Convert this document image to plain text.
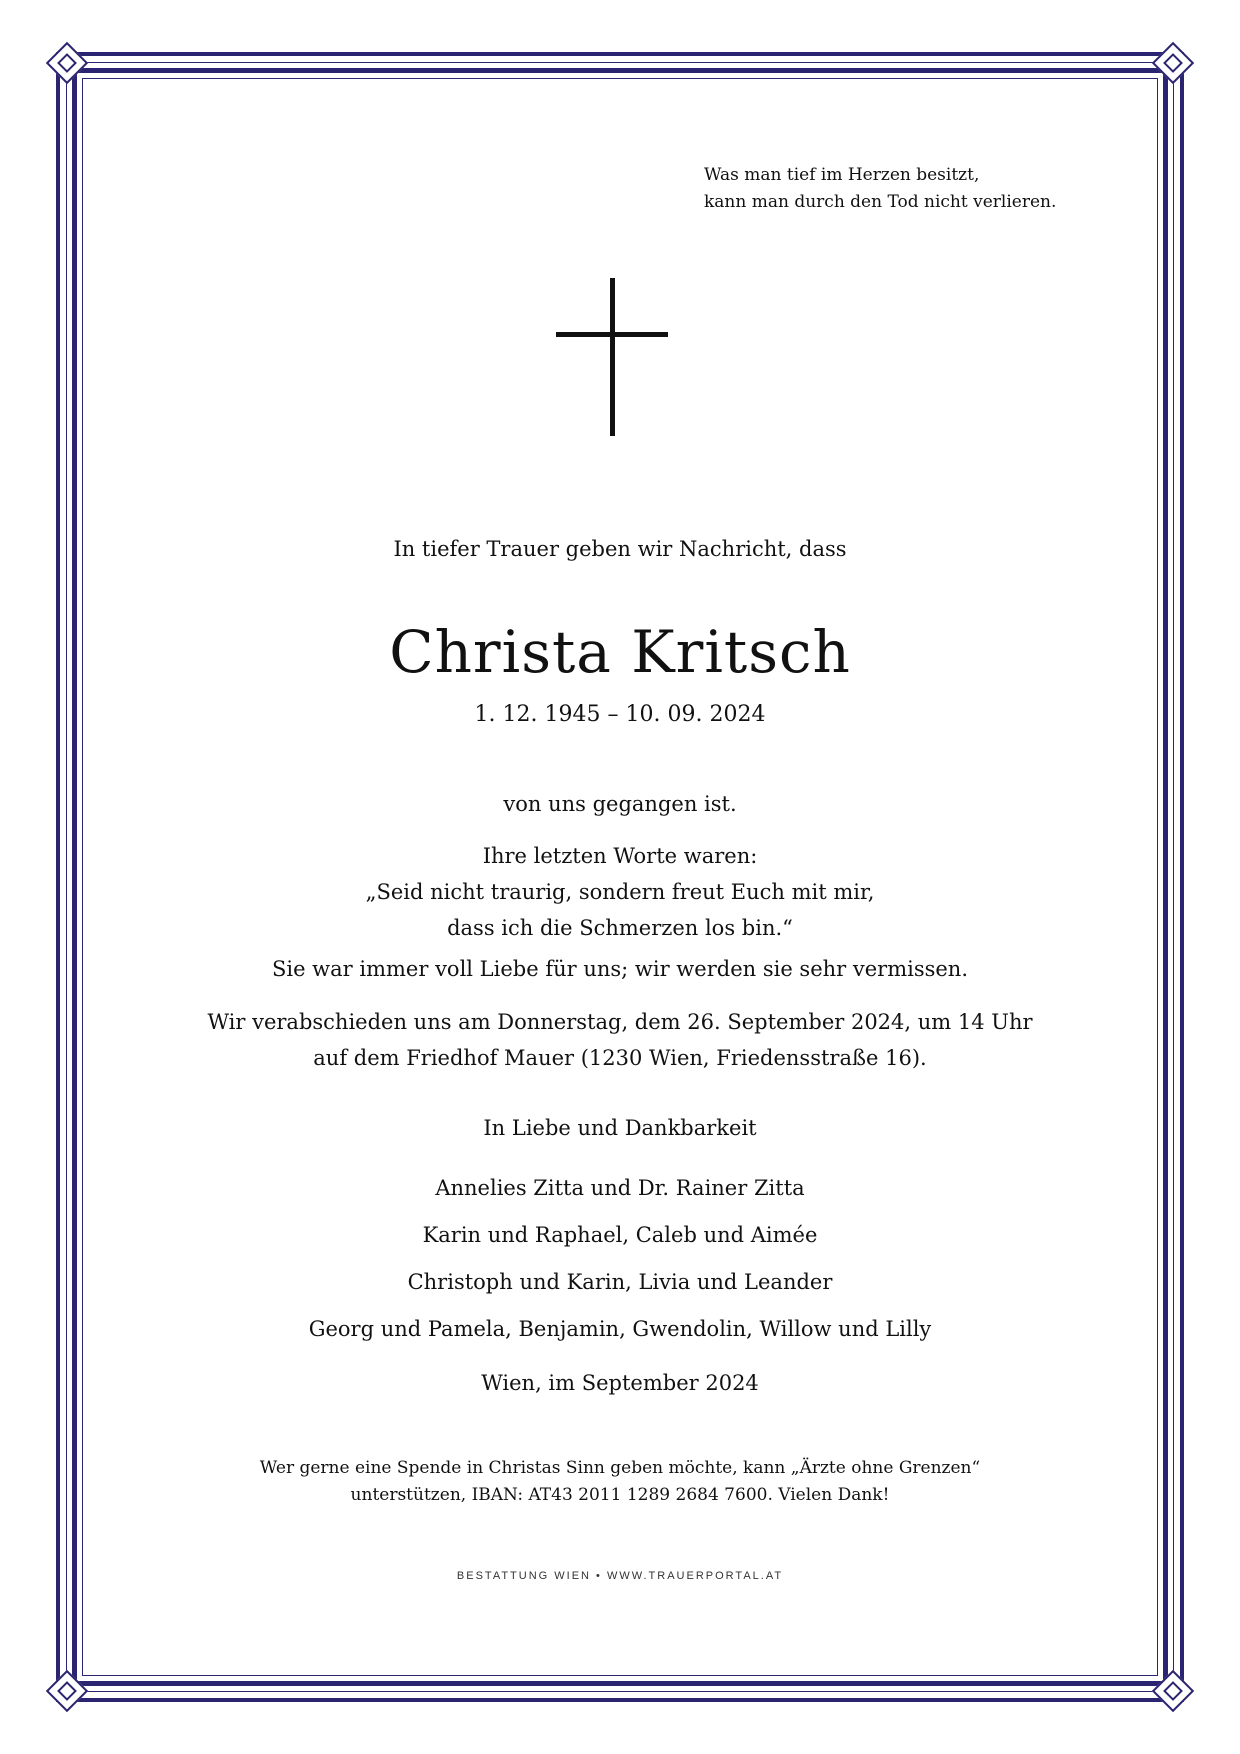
Was man tief im Herzen besitzt,
kann man durch den Tod nicht verlieren.

In tiefer Trauer geben wir Nachricht, dass

Christa Kritsch

1. 12. 1945 – 10. 09. 2024

von uns gegangen ist.

Ihre letzten Worte waren:
„Seid nicht traurig, sondern freut Euch mit mir,
dass ich die Schmerzen los bin.“

Sie war immer voll Liebe für uns; wir werden sie sehr vermissen.

Wir verabschieden uns am Donnerstag, dem 26. September 2024, um 14 Uhr
auf dem Friedhof Mauer (1230 Wien, Friedensstraße 16).

In Liebe und Dankbarkeit

Annelies Zitta und Dr. Rainer Zitta
Karin und Raphael, Caleb und Aimée
Christoph und Karin, Livia und Leander
Georg und Pamela, Benjamin, Gwendolin, Willow und Lilly

Wien, im September 2024

Wer gerne eine Spende in Christas Sinn geben möchte, kann „Ärzte ohne Grenzen“
unterstützen, IBAN: AT43 2011 1289 2684 7600. Vielen Dank!

BESTATTUNG WIEN • WWW.TRAUERPORTAL.AT
